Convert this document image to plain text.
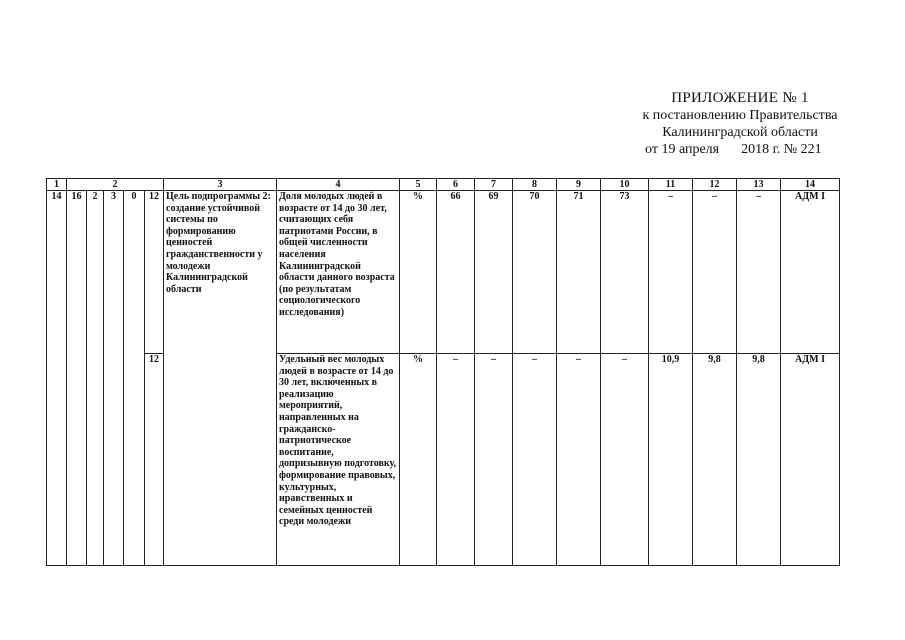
ПРИЛОЖЕНИЕ № 1
к постановлению Правительства
Калининградской области
от 19 апреля 2018 г. № 221
1	2					3	4	5	6	7	8	9	10	11	12	13	14
14	16	2	3	0	12	Цель подпрограммы 2: создание устойчивой системы по формированию ценностей гражданственности у молодежи Калининградской области	Доля молодых людей в возрасте от 14 до 30 лет, считающих себя патриотами России, в общей численности населения Калининградской области данного возраста (по результатам социологического исследования)	%	66	69	70	71	73	–	–	–	АДМ I
					12		Удельный вес молодых людей в возрасте от 14 до 30 лет, включенных в реализацию мероприятий, направленных на гражданско-патриотическое воспитание, допризывную подготовку, формирование правовых, культурных, нравственных и семейных ценностей среди молодежи	%	–	–	–	–	–	10,9	9,8	9,8	АДМ I
